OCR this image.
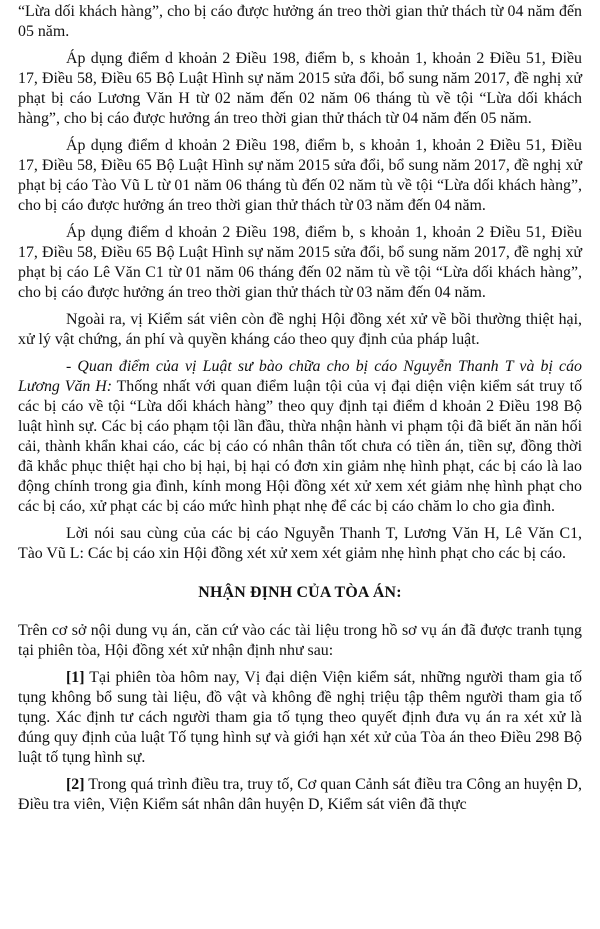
“Lừa dối khách hàng”, cho bị cáo được hưởng án treo thời gian thử thách từ 04 năm đến 05 năm.

Áp dụng điểm d khoản 2 Điều 198, điểm b, s khoản 1, khoản 2 Điều 51, Điều 17, Điều 58, Điều 65 Bộ Luật Hình sự năm 2015 sửa đổi, bổ sung năm 2017, đề nghị xử phạt bị cáo Lương Văn H từ 02 năm đến 02 năm 06 tháng tù về tội “Lừa dối khách hàng”, cho bị cáo được hưởng án treo thời gian thử thách từ 04 năm đến 05 năm.

Áp dụng điểm d khoản 2 Điều 198, điểm b, s khoản 1, khoản 2 Điều 51, Điều 17, Điều 58, Điều 65 Bộ Luật Hình sự năm 2015 sửa đổi, bổ sung năm 2017, đề nghị xử phạt bị cáo Tào Vũ L từ 01 năm 06 tháng tù đến 02 năm tù về tội “Lừa dối khách hàng”, cho bị cáo được hưởng án treo thời gian thử thách từ 03 năm đến 04 năm.

Áp dụng điểm d khoản 2 Điều 198, điểm b, s khoản 1, khoản 2 Điều 51, Điều 17, Điều 58, Điều 65 Bộ Luật Hình sự năm 2015 sửa đổi, bổ sung năm 2017, đề nghị xử phạt bị cáo Lê Văn C1 từ 01 năm 06 tháng đến 02 năm tù về tội “Lừa dối khách hàng”, cho bị cáo được hưởng án treo thời gian thử thách từ 03 năm đến 04 năm.

Ngoài ra, vị Kiểm sát viên còn đề nghị Hội đồng xét xử về bồi thường thiệt hại, xử lý vật chứng, án phí và quyền kháng cáo theo quy định của pháp luật.

- Quan điểm của vị Luật sư bào chữa cho bị cáo Nguyễn Thanh T và bị cáo Lương Văn H: Thống nhất với quan điểm luận tội của vị đại diện viện kiểm sát truy tố các bị cáo về tội “Lừa dối khách hàng” theo quy định tại điểm d khoản 2 Điều 198 Bộ luật hình sự. Các bị cáo phạm tội lần đầu, thừa nhận hành vi phạm tội đã biết ăn năn hối cải, thành khẩn khai cáo, các bị cáo có nhân thân tốt chưa có tiền án, tiền sự, đồng thời đã khắc phục thiệt hại cho bị hại, bị hại có đơn xin giảm nhẹ hình phạt, các bị cáo là lao động chính trong gia đình, kính mong Hội đồng xét xử xem xét giảm nhẹ hình phạt cho các bị cáo, xử phạt các bị cáo mức hình phạt nhẹ để các bị cáo chăm lo cho gia đình.

Lời nói sau cùng của các bị cáo Nguyễn Thanh T, Lương Văn H, Lê Văn C1, Tào Vũ L: Các bị cáo xin Hội đồng xét xử xem xét giảm nhẹ hình phạt cho các bị cáo.

NHẬN ĐỊNH CỦA TÒA ÁN:

Trên cơ sở nội dung vụ án, căn cứ vào các tài liệu trong hồ sơ vụ án đã được tranh tụng tại phiên tòa, Hội đồng xét xử nhận định như sau:

[1] Tại phiên tòa hôm nay, Vị đại diện Viện kiểm sát, những người tham gia tố tụng không bổ sung tài liệu, đồ vật và không đề nghị triệu tập thêm người tham gia tố tụng. Xác định tư cách người tham gia tố tụng theo quyết định đưa vụ án ra xét xử là đúng quy định của luật Tố tụng hình sự và giới hạn xét xử của Tòa án theo Điều 298 Bộ luật tố tụng hình sự.

[2] Trong quá trình điều tra, truy tố, Cơ quan Cảnh sát điều tra Công an huyện D, Điều tra viên, Viện Kiểm sát nhân dân huyện D, Kiểm sát viên đã thực
